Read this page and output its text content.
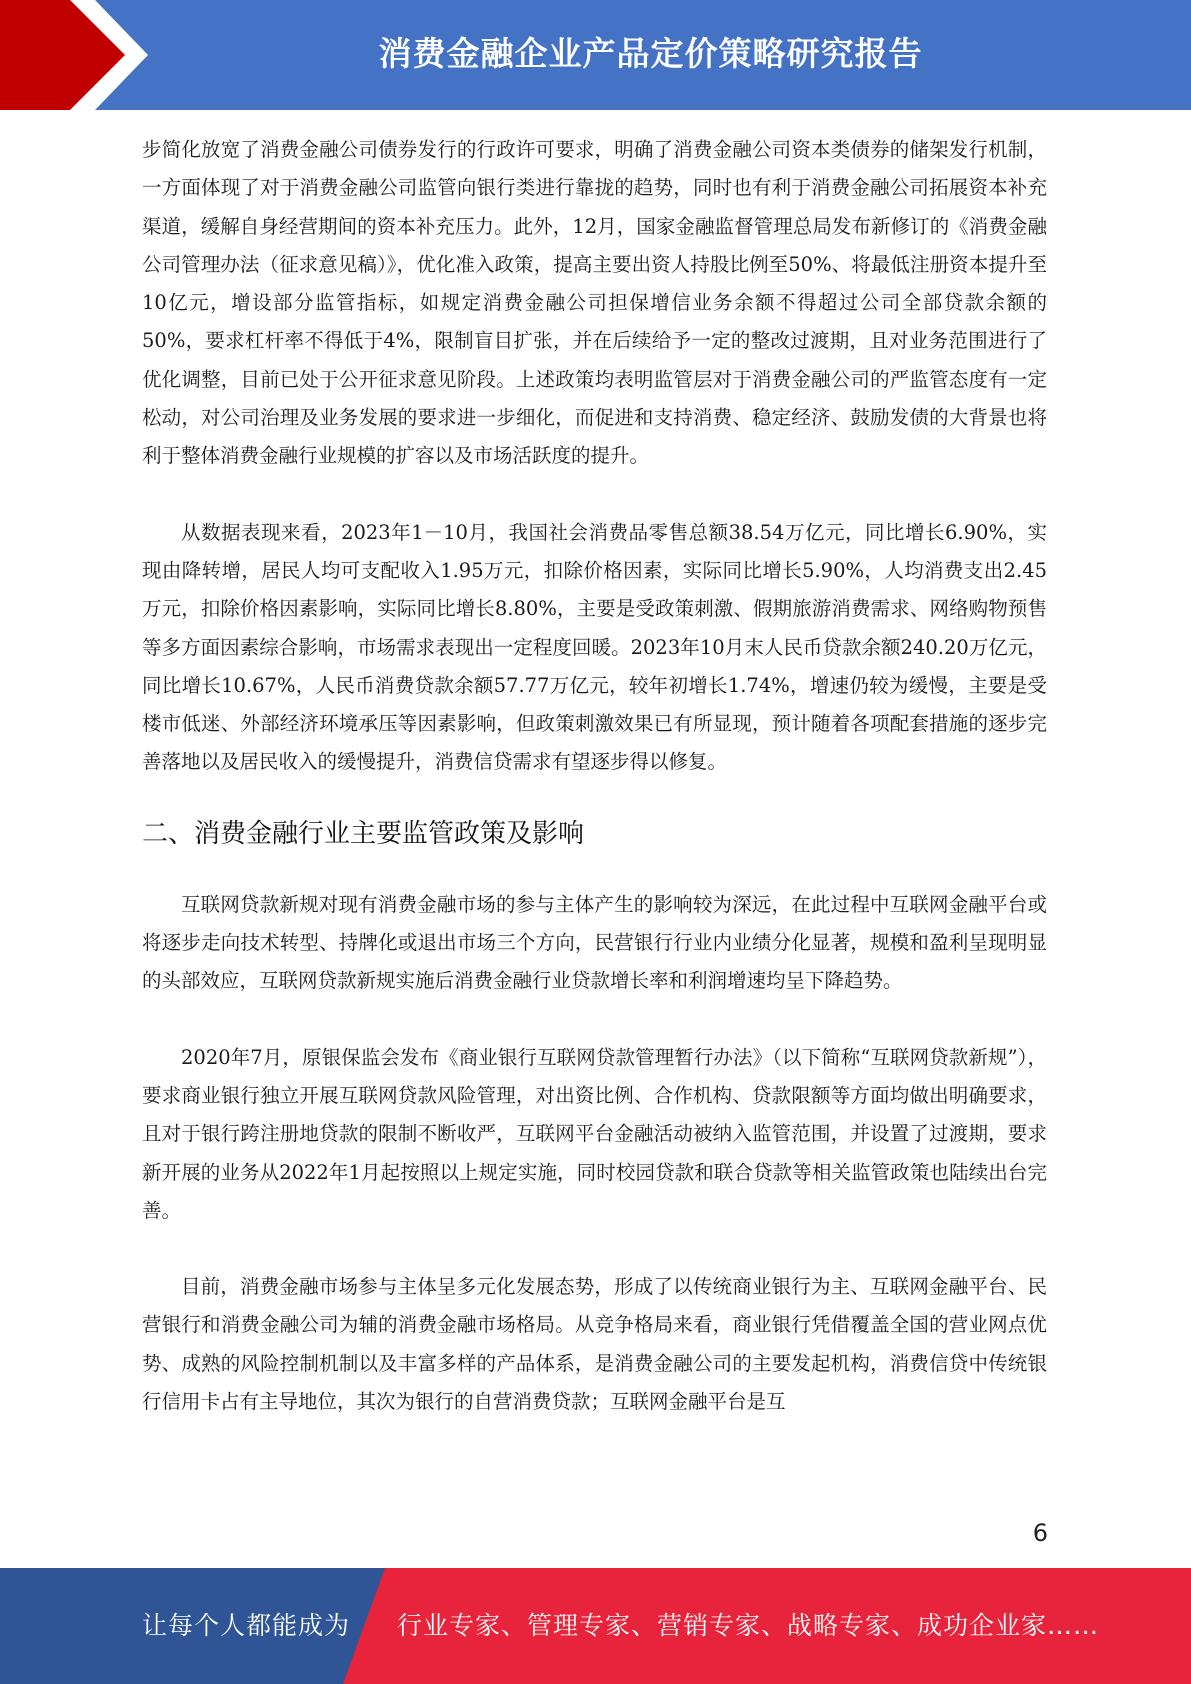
消费金融企业产品定价策略研究报告

步简化放宽了消费金融公司债券发行的行政许可要求，明确了消费金融公司资本类债券的储架发行机制，一方面体现了对于消费金融公司监管向银行类进行靠拢的趋势，同时也有利于消费金融公司拓展资本补充渠道，缓解自身经营期间的资本补充压力。此外，12月，国家金融监督管理总局发布新修订的《消费金融公司管理办法（征求意见稿）》，优化准入政策，提高主要出资人持股比例至50%、将最低注册资本提升至10亿元，增设部分监管指标，如规定消费金融公司担保增信业务余额不得超过公司全部贷款余额的50%，要求杠杆率不得低于4%，限制盲目扩张，并在后续给予一定的整改过渡期，且对业务范围进行了优化调整，目前已处于公开征求意见阶段。上述政策均表明监管层对于消费金融公司的严监管态度有一定松动，对公司治理及业务发展的要求进一步细化，而促进和支持消费、稳定经济、鼓励发债的大背景也将利于整体消费金融行业规模的扩容以及市场活跃度的提升。

从数据表现来看，2023年1－10月，我国社会消费品零售总额38.54万亿元，同比增长6.90%，实现由降转增，居民人均可支配收入1.95万元，扣除价格因素，实际同比增长5.90%，人均消费支出2.45万元，扣除价格因素影响，实际同比增长8.80%，主要是受政策刺激、假期旅游消费需求、网络购物预售等多方面因素综合影响，市场需求表现出一定程度回暖。2023年10月末人民币贷款余额240.20万亿元，同比增长10.67%，人民币消费贷款余额57.77万亿元，较年初增长1.74%，增速仍较为缓慢，主要是受楼市低迷、外部经济环境承压等因素影响，但政策刺激效果已有所显现，预计随着各项配套措施的逐步完善落地以及居民收入的缓慢提升，消费信贷需求有望逐步得以修复。

二、消费金融行业主要监管政策及影响

互联网贷款新规对现有消费金融市场的参与主体产生的影响较为深远，在此过程中互联网金融平台或将逐步走向技术转型、持牌化或退出市场三个方向，民营银行行业内业绩分化显著，规模和盈利呈现明显的头部效应，互联网贷款新规实施后消费金融行业贷款增长率和利润增速均呈下降趋势。

2020年7月，原银保监会发布《商业银行互联网贷款管理暂行办法》（以下简称“互联网贷款新规”），要求商业银行独立开展互联网贷款风险管理，对出资比例、合作机构、贷款限额等方面均做出明确要求，且对于银行跨注册地贷款的限制不断收严，互联网平台金融活动被纳入监管范围，并设置了过渡期，要求新开展的业务从2022年1月起按照以上规定实施，同时校园贷款和联合贷款等相关监管政策也陆续出台完善。

目前，消费金融市场参与主体呈多元化发展态势，形成了以传统商业银行为主、互联网金融平台、民营银行和消费金融公司为辅的消费金融市场格局。从竞争格局来看，商业银行凭借覆盖全国的营业网点优势、成熟的风险控制机制以及丰富多样的产品体系，是消费金融公司的主要发起机构，消费信贷中传统银行信用卡占有主导地位，其次为银行的自营消费贷款；互联网金融平台是互

6
让每个人都能成为 行业专家、管理专家、营销专家、战略专家、成功企业家……
